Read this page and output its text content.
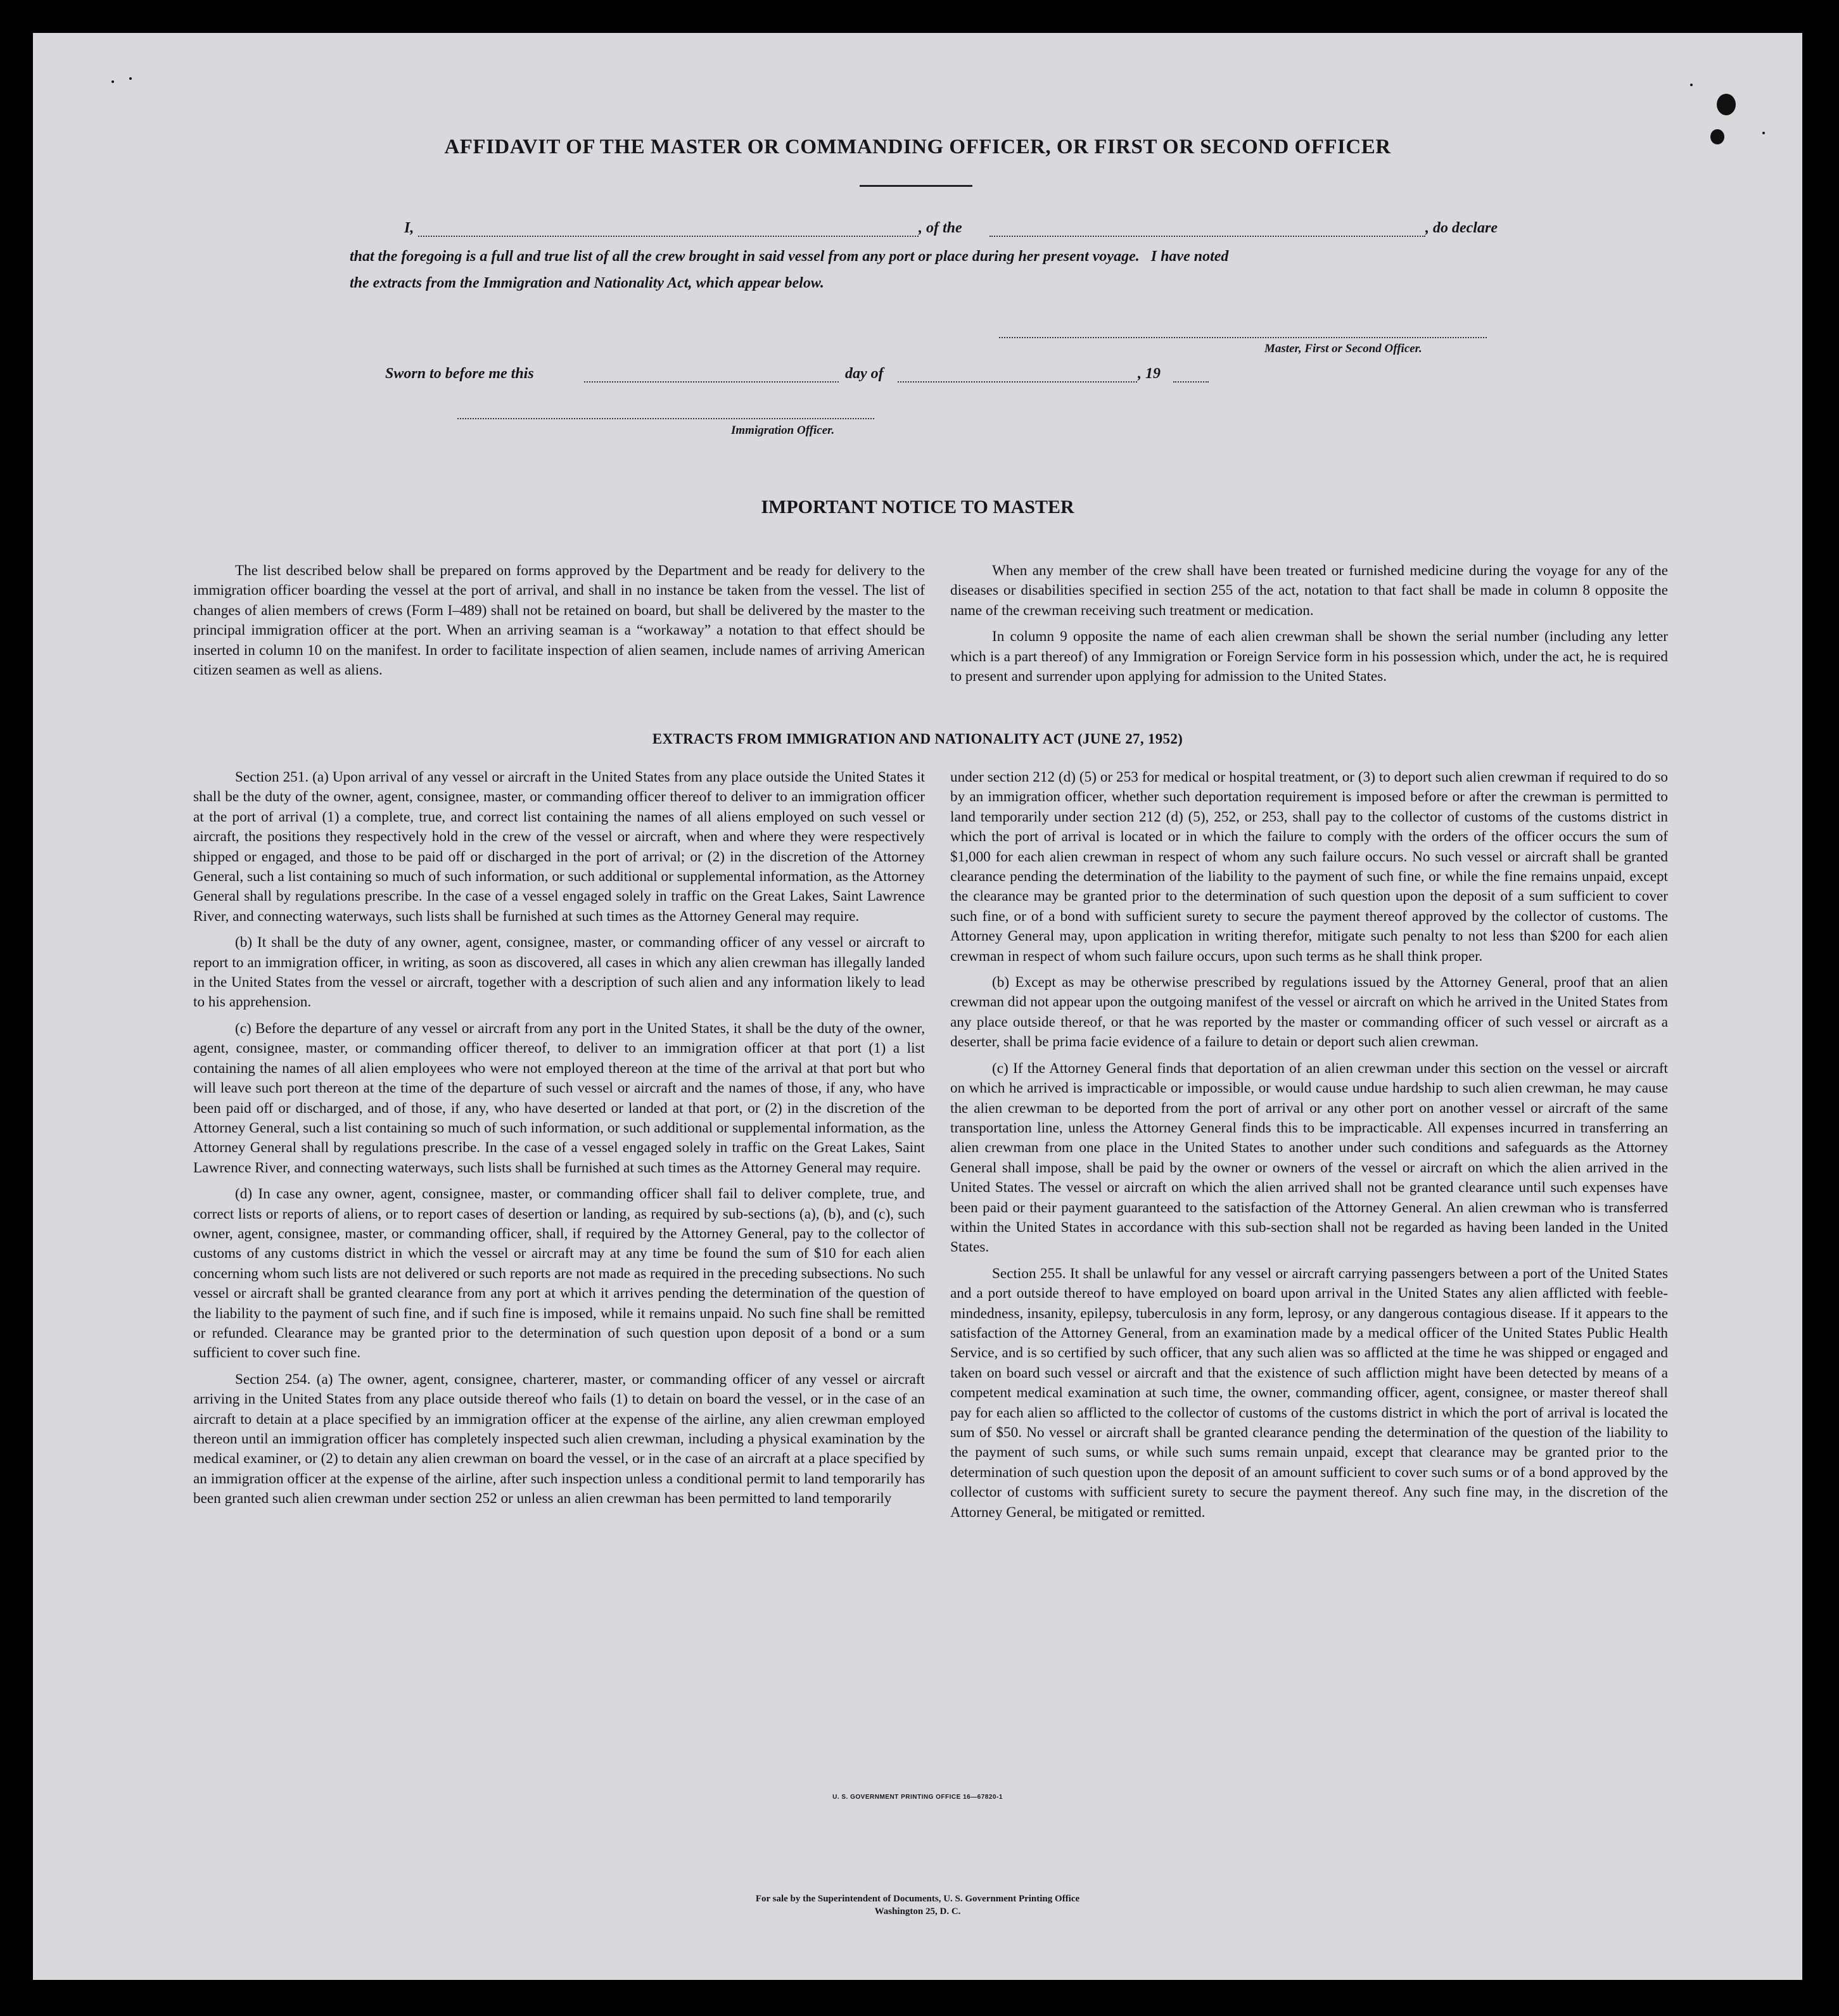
AFFIDAVIT OF THE MASTER OR COMMANDING OFFICER, OR FIRST OR SECOND OFFICER
I,	, of the	, do declare
that the foregoing is a full and true list of all the crew brought in said vessel from any port or place during her present voyage.   I have noted
the extracts from the Immigration and Nationality Act, which appear below.
Master, First or Second Officer.
Sworn to before me this	day of	, 19
Immigration Officer.
IMPORTANT NOTICE TO MASTER

The list described below shall be prepared on forms approved by the Department and be ready for delivery to the immigration officer boarding the vessel at the port of arrival, and shall in no instance be taken from the vessel. The list of changes of alien members of crews (Form I–489) shall not be retained on board, but shall be delivered by the master to the principal immigration officer at the port. When an arriving seaman is a “workaway” a notation to that effect should be inserted in column 10 on the manifest. In order to facilitate inspection of alien seamen, include names of arriving American citizen seamen as well as aliens.

When any member of the crew shall have been treated or furnished medicine during the voyage for any of the diseases or disabilities specified in section 255 of the act, notation to that fact shall be made in column 8 opposite the name of the crewman receiving such treatment or medication.

In column 9 opposite the name of each alien crewman shall be shown the serial number (including any letter which is a part thereof) of any Immigration or Foreign Service form in his possession which, under the act, he is required to present and surrender upon applying for admission to the United States.

EXTRACTS FROM IMMIGRATION AND NATIONALITY ACT (JUNE 27, 1952)

Section 251. (a) Upon arrival of any vessel or aircraft in the United States from any place outside the United States it shall be the duty of the owner, agent, consignee, master, or commanding officer thereof to deliver to an immigration officer at the port of arrival (1) a complete, true, and correct list containing the names of all aliens employed on such vessel or aircraft, the positions they respectively hold in the crew of the vessel or aircraft, when and where they were respectively shipped or engaged, and those to be paid off or discharged in the port of arrival; or (2) in the discretion of the Attorney General, such a list containing so much of such information, or such additional or supplemental information, as the Attorney General shall by regulations prescribe. In the case of a vessel engaged solely in traffic on the Great Lakes, Saint Lawrence River, and connecting waterways, such lists shall be furnished at such times as the Attorney General may require.

(b) It shall be the duty of any owner, agent, consignee, master, or commanding officer of any vessel or aircraft to report to an immigration officer, in writing, as soon as discovered, all cases in which any alien crewman has illegally landed in the United States from the vessel or aircraft, together with a description of such alien and any information likely to lead to his apprehension.

(c) Before the departure of any vessel or aircraft from any port in the United States, it shall be the duty of the owner, agent, consignee, master, or commanding officer thereof, to deliver to an immigration officer at that port (1) a list containing the names of all alien employees who were not employed thereon at the time of the arrival at that port but who will leave such port thereon at the time of the departure of such vessel or aircraft and the names of those, if any, who have been paid off or discharged, and of those, if any, who have deserted or landed at that port, or (2) in the discretion of the Attorney General, such a list containing so much of such information, or such additional or supplemental information, as the Attorney General shall by regulations prescribe. In the case of a vessel engaged solely in traffic on the Great Lakes, Saint Lawrence River, and connecting waterways, such lists shall be furnished at such times as the Attorney General may require.

(d) In case any owner, agent, consignee, master, or commanding officer shall fail to deliver complete, true, and correct lists or reports of aliens, or to report cases of desertion or landing, as required by sub-sections (a), (b), and (c), such owner, agent, consignee, master, or commanding officer, shall, if required by the Attorney General, pay to the collector of customs of any customs district in which the vessel or aircraft may at any time be found the sum of $10 for each alien concerning whom such lists are not delivered or such reports are not made as required in the preceding subsections. No such vessel or aircraft shall be granted clearance from any port at which it arrives pending the determination of the question of the liability to the payment of such fine, and if such fine is imposed, while it remains unpaid. No such fine shall be remitted or refunded. Clearance may be granted prior to the determination of such question upon deposit of a bond or a sum sufficient to cover such fine.

Section 254. (a) The owner, agent, consignee, charterer, master, or commanding officer of any vessel or aircraft arriving in the United States from any place outside thereof who fails (1) to detain on board the vessel, or in the case of an aircraft to detain at a place specified by an immigration officer at the expense of the airline, any alien crewman employed thereon until an immigration officer has completely inspected such alien crewman, including a physical examination by the medical examiner, or (2) to detain any alien crewman on board the vessel, or in the case of an aircraft at a place specified by an immigration officer at the expense of the airline, after such inspection unless a conditional permit to land temporarily has been granted such alien crewman under section 252 or unless an alien crewman has been permitted to land temporarily

under section 212 (d) (5) or 253 for medical or hospital treatment, or (3) to deport such alien crewman if required to do so by an immigration officer, whether such deportation requirement is imposed before or after the crewman is permitted to land temporarily under section 212 (d) (5), 252, or 253, shall pay to the collector of customs of the customs district in which the port of arrival is located or in which the failure to comply with the orders of the officer occurs the sum of $1,000 for each alien crewman in respect of whom any such failure occurs. No such vessel or aircraft shall be granted clearance pending the determination of the liability to the payment of such fine, or while the fine remains unpaid, except the clearance may be granted prior to the determination of such question upon the deposit of a sum sufficient to cover such fine, or of a bond with sufficient surety to secure the payment thereof approved by the collector of customs. The Attorney General may, upon application in writing therefor, mitigate such penalty to not less than $200 for each alien crewman in respect of whom such failure occurs, upon such terms as he shall think proper.

(b) Except as may be otherwise prescribed by regulations issued by the Attorney General, proof that an alien crewman did not appear upon the outgoing manifest of the vessel or aircraft on which he arrived in the United States from any place outside thereof, or that he was reported by the master or commanding officer of such vessel or aircraft as a deserter, shall be prima facie evidence of a failure to detain or deport such alien crewman.

(c) If the Attorney General finds that deportation of an alien crewman under this section on the vessel or aircraft on which he arrived is impracticable or impossible, or would cause undue hardship to such alien crewman, he may cause the alien crewman to be deported from the port of arrival or any other port on another vessel or aircraft of the same transportation line, unless the Attorney General finds this to be impracticable. All expenses incurred in transferring an alien crewman from one place in the United States to another under such conditions and safeguards as the Attorney General shall impose, shall be paid by the owner or owners of the vessel or aircraft on which the alien arrived in the United States. The vessel or aircraft on which the alien arrived shall not be granted clearance until such expenses have been paid or their payment guaranteed to the satisfaction of the Attorney General. An alien crewman who is transferred within the United States in accordance with this sub-section shall not be regarded as having been landed in the United States.

Section 255. It shall be unlawful for any vessel or aircraft carrying passengers between a port of the United States and a port outside thereof to have employed on board upon arrival in the United States any alien afflicted with feeble-mindedness, insanity, epilepsy, tuberculosis in any form, leprosy, or any dangerous contagious disease. If it appears to the satisfaction of the Attorney General, from an examination made by a medical officer of the United States Public Health Service, and is so certified by such officer, that any such alien was so afflicted at the time he was shipped or engaged and taken on board such vessel or aircraft and that the existence of such affliction might have been detected by means of a competent medical examination at such time, the owner, commanding officer, agent, consignee, or master thereof shall pay for each alien so afflicted to the collector of customs of the customs district in which the port of arrival is located the sum of $50. No vessel or aircraft shall be granted clearance pending the determination of the question of the liability to the payment of such sums, or while such sums remain unpaid, except that clearance may be granted prior to the determination of such question upon the deposit of an amount sufficient to cover such sums or of a bond approved by the collector of customs with sufficient surety to secure the payment thereof. Any such fine may, in the discretion of the Attorney General, be mitigated or remitted.

U. S. GOVERNMENT PRINTING OFFICE 16—67820-1
For sale by the Superintendent of Documents, U. S. Government Printing Office
Washington 25, D. C.
